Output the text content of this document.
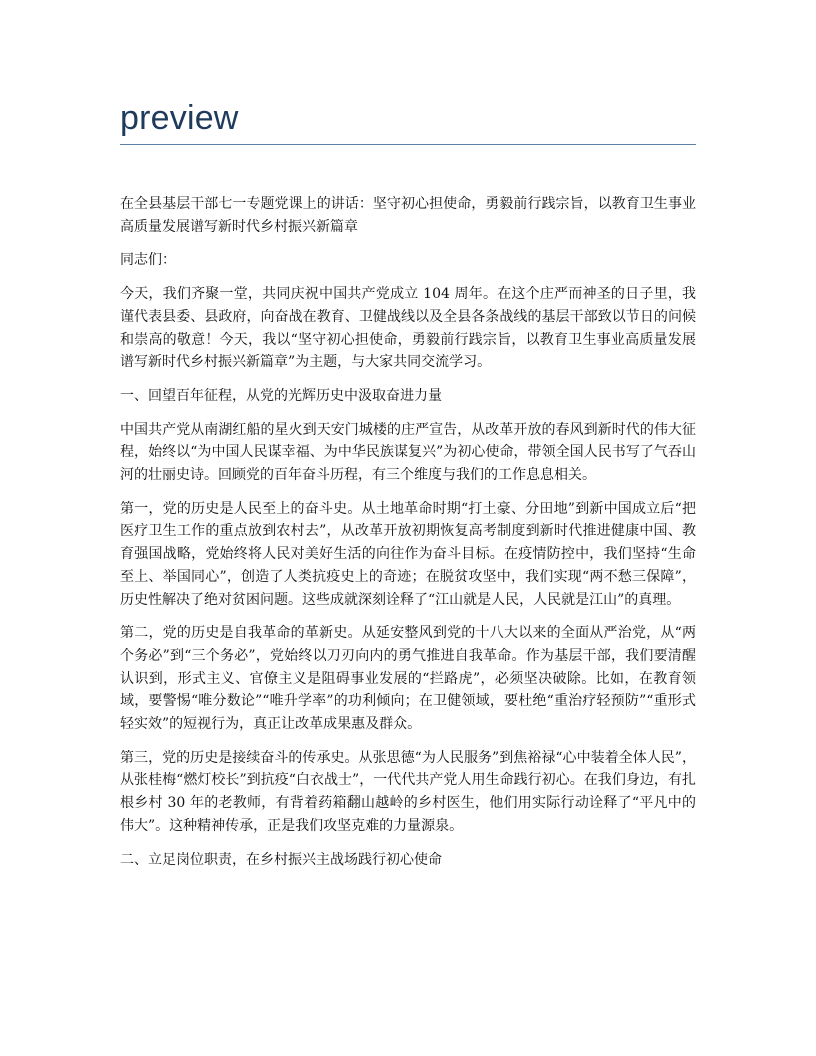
preview

在全县基层干部七一专题党课上的讲话：坚守初心担使命，勇毅前行践宗旨，以教育卫生事业高质量发展谱写新时代乡村振兴新篇章

同志们：

今天，我们齐聚一堂，共同庆祝中国共产党成立 104 周年。在这个庄严而神圣的日子里，我谨代表县委、县政府，向奋战在教育、卫健战线以及全县各条战线的基层干部致以节日的问候和崇高的敬意！今天，我以“坚守初心担使命，勇毅前行践宗旨，以教育卫生事业高质量发展谱写新时代乡村振兴新篇章”为主题，与大家共同交流学习。

一、回望百年征程，从党的光辉历史中汲取奋进力量

中国共产党从南湖红船的星火到天安门城楼的庄严宣告，从改革开放的春风到新时代的伟大征程，始终以“为中国人民谋幸福、为中华民族谋复兴”为初心使命，带领全国人民书写了气吞山河的壮丽史诗。回顾党的百年奋斗历程，有三个维度与我们的工作息息相关。

第一，党的历史是人民至上的奋斗史。从土地革命时期“打土豪、分田地”到新中国成立后“把医疗卫生工作的重点放到农村去”，从改革开放初期恢复高考制度到新时代推进健康中国、教育强国战略，党始终将人民对美好生活的向往作为奋斗目标。在疫情防控中，我们坚持“生命至上、举国同心”，创造了人类抗疫史上的奇迹；在脱贫攻坚中，我们实现“两不愁三保障”，历史性解决了绝对贫困问题。这些成就深刻诠释了“江山就是人民，人民就是江山”的真理。

第二，党的历史是自我革命的革新史。从延安整风到党的十八大以来的全面从严治党，从“两个务必”到“三个务必”，党始终以刀刃向内的勇气推进自我革命。作为基层干部，我们要清醒认识到，形式主义、官僚主义是阻碍事业发展的“拦路虎”，必须坚决破除。比如，在教育领域，要警惕“唯分数论”“唯升学率”的功利倾向；在卫健领域，要杜绝“重治疗轻预防”“重形式轻实效”的短视行为，真正让改革成果惠及群众。

第三，党的历史是接续奋斗的传承史。从张思德“为人民服务”到焦裕禄“心中装着全体人民”，从张桂梅“燃灯校长”到抗疫“白衣战士”，一代代共产党人用生命践行初心。在我们身边，有扎根乡村 30 年的老教师，有背着药箱翻山越岭的乡村医生，他们用实际行动诠释了“平凡中的伟大”。这种精神传承，正是我们攻坚克难的力量源泉。

二、立足岗位职责，在乡村振兴主战场践行初心使命
